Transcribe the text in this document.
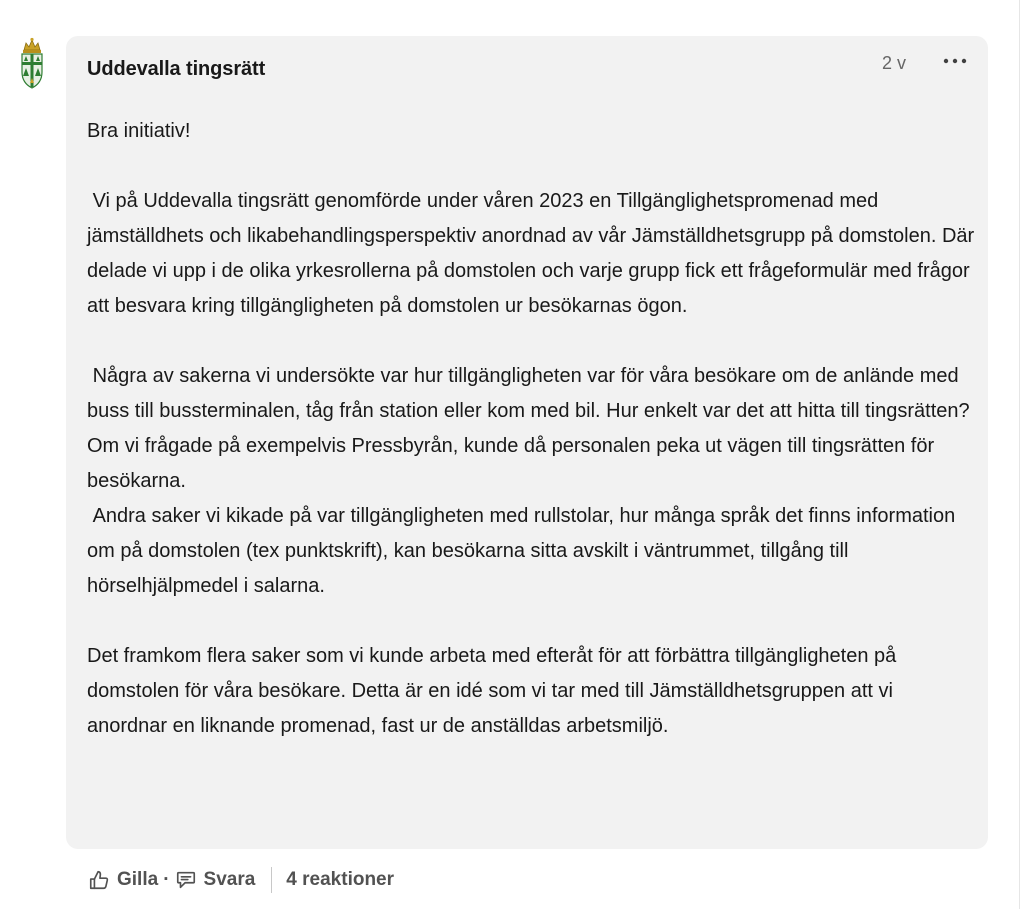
Uddevalla tingsrätt	2 v

Bra initiativ!

Vi på Uddevalla tingsrätt genomförde under våren 2023 en Tillgänglighetspromenad med jämställdhets och likabehandlingsperspektiv anordnad av vår Jämställdhetsgrupp på domstolen. Där delade vi upp i de olika yrkesrollerna på domstolen och varje grupp fick ett frågeformulär med frågor att besvara kring tillgängligheten på domstolen ur besökarnas ögon.

Några av sakerna vi undersökte var hur tillgängligheten var för våra besökare om de anlände med buss till bussterminalen, tåg från station eller kom med bil. Hur enkelt var det att hitta till tingsrätten? Om vi frågade på exempelvis Pressbyrån, kunde då personalen peka ut vägen till tingsrätten för besökarna.
Andra saker vi kikade på var tillgängligheten med rullstolar, hur många språk det finns information om på domstolen (tex punktskrift), kan besökarna sitta avskilt i väntrummet, tillgång till hörselhjälpmedel i salarna.

Det framkom flera saker som vi kunde arbeta med efteråt för att förbättra tillgängligheten på domstolen för våra besökare. Detta är en idé som vi tar med till Jämställdhetsgruppen att vi anordnar en liknande promenad, fast ur de anställdas arbetsmiljö.

Gilla · Svara 4 reaktioner
